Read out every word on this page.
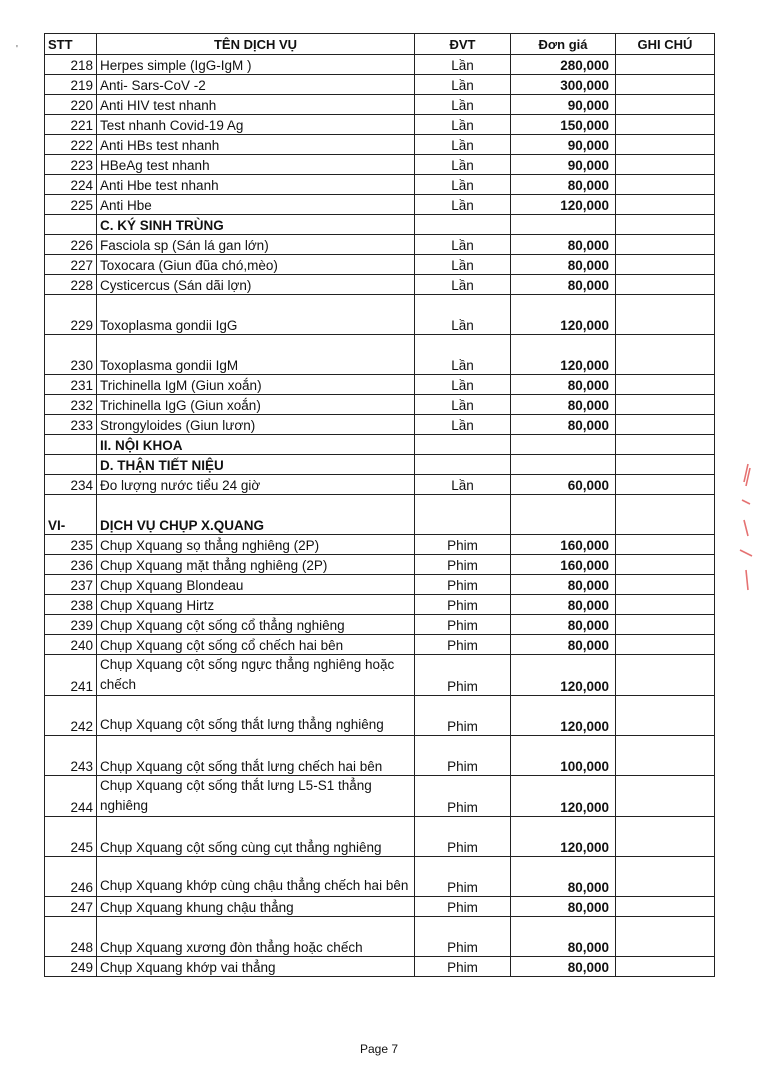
' STT	TÊN DỊCH VỤ	ĐVT	Đơn giá	GHI CHÚ
218	Herpes simple (IgG-IgM )	Lần	280,000	
219	Anti- Sars-CoV -2	Lần	300,000	
220	Anti HIV test nhanh	Lần	90,000	
221	Test nhanh Covid-19 Ag	Lần	150,000	
222	Anti HBs test nhanh	Lần	90,000	
223	HBeAg test nhanh	Lần	90,000	
224	Anti Hbe test nhanh	Lần	80,000	
225	Anti Hbe	Lần	120,000	
	C. KÝ SINH TRÙNG			
226	Fasciola sp (Sán lá gan lớn)	Lần	80,000	
227	Toxocara (Giun đũa chó,mèo)	Lần	80,000	
228	Cysticercus (Sán dãi lợn)	Lần	80,000	
229	Toxoplasma gondii IgG	Lần	120,000	
230	Toxoplasma gondii IgM	Lần	120,000	
231	Trichinella IgM (Giun xoắn)	Lần	80,000	
232	Trichinella IgG (Giun xoắn)	Lần	80,000	
233	Strongyloides (Giun lươn)	Lần	80,000	
	II. NỘI KHOA			
	D. THẬN TIẾT NIỆU			
234	Đo lượng nước tiểu 24 giờ	Lần	60,000	
VI-	DỊCH VỤ CHỤP X.QUANG			
235	Chụp Xquang sọ thẳng nghiêng (2P)	Phim	160,000	
236	Chụp Xquang mặt thẳng nghiêng (2P)	Phim	160,000	
237	Chụp Xquang Blondeau	Phim	80,000	
238	Chụp Xquang Hirtz	Phim	80,000	
239	Chụp Xquang cột sống cổ thẳng nghiêng	Phim	80,000	
240	Chụp Xquang cột sống cổ chếch hai bên	Phim	80,000	
241	Chụp Xquang cột sống ngực thẳng nghiêng hoặc chếch	Phim	120,000	
242	Chụp Xquang cột sống thắt lưng thẳng nghiêng	Phim	120,000	
243	Chụp Xquang cột sống thắt lưng chếch hai bên	Phim	100,000	
244	Chụp Xquang cột sống thắt lưng L5-S1 thẳng nghiêng	Phim	120,000	
245	Chụp Xquang cột sống cùng cụt thẳng nghiêng	Phim	120,000	
246	Chụp Xquang khớp cùng chậu thẳng chếch hai bên	Phim	80,000	
247	Chụp Xquang khung chậu thẳng	Phim	80,000	
248	Chụp Xquang xương đòn thẳng hoặc chếch	Phim	80,000	
249	Chụp Xquang khớp vai thẳng	Phim	80,000	
Page 7
